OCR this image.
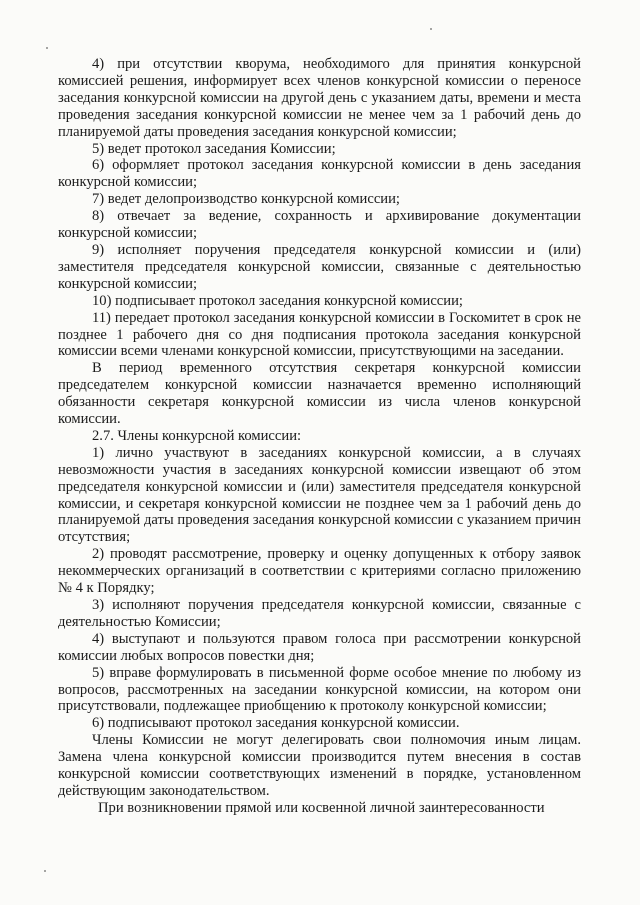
4) при отсутствии кворума, необходимого для принятия конкурсной комиссией решения, информирует всех членов конкурсной комиссии о переносе заседания конкурсной комиссии на другой день с указанием даты, времени и места проведения заседания конкурсной комиссии не менее чем за 1 рабочий день до планируемой даты проведения заседания конкурсной комиссии;

5) ведет протокол заседания Комиссии;

6) оформляет протокол заседания конкурсной комиссии в день заседания конкурсной комиссии;

7) ведет делопроизводство конкурсной комиссии;

8) отвечает за ведение, сохранность и архивирование документации конкурсной комиссии;

9) исполняет поручения председателя конкурсной комиссии и (или) заместителя председателя конкурсной комиссии, связанные с деятельностью конкурсной комиссии;

10) подписывает протокол заседания конкурсной комиссии;

11) передает протокол заседания конкурсной комиссии в Госкомитет в срок не позднее 1 рабочего дня со дня подписания протокола заседания конкурсной комиссии всеми членами конкурсной комиссии, присутствующими на заседании.

В период временного отсутствия секретаря конкурсной комиссии председателем конкурсной комиссии назначается временно исполняющий обязанности секретаря конкурсной комиссии из числа членов конкурсной комиссии.

2.7. Члены конкурсной комиссии:

1) лично участвуют в заседаниях конкурсной комиссии, а в случаях невозможности участия в заседаниях конкурсной комиссии извещают об этом председателя конкурсной комиссии и (или) заместителя председателя конкурсной комиссии, и секретаря конкурсной комиссии не позднее чем за 1 рабочий день до планируемой даты проведения заседания конкурсной комиссии с указанием причин отсутствия;

2) проводят рассмотрение, проверку и оценку допущенных к отбору заявок некоммерческих организаций в соответствии с критериями согласно приложению № 4 к Порядку;

3) исполняют поручения председателя конкурсной комиссии, связанные с деятельностью Комиссии;

4) выступают и пользуются правом голоса при рассмотрении конкурсной комиссии любых вопросов повестки дня;

5) вправе формулировать в письменной форме особое мнение по любому из вопросов, рассмотренных на заседании конкурсной комиссии, на котором они присутствовали, подлежащее приобщению к протоколу конкурсной комиссии;

6) подписывают протокол заседания конкурсной комиссии.

Члены Комиссии не могут делегировать свои полномочия иным лицам. Замена члена конкурсной комиссии производится путем внесения в состав конкурсной комиссии соответствующих изменений в порядке, установленном действующим законодательством.

При возникновении прямой или косвенной личной заинтересованности
